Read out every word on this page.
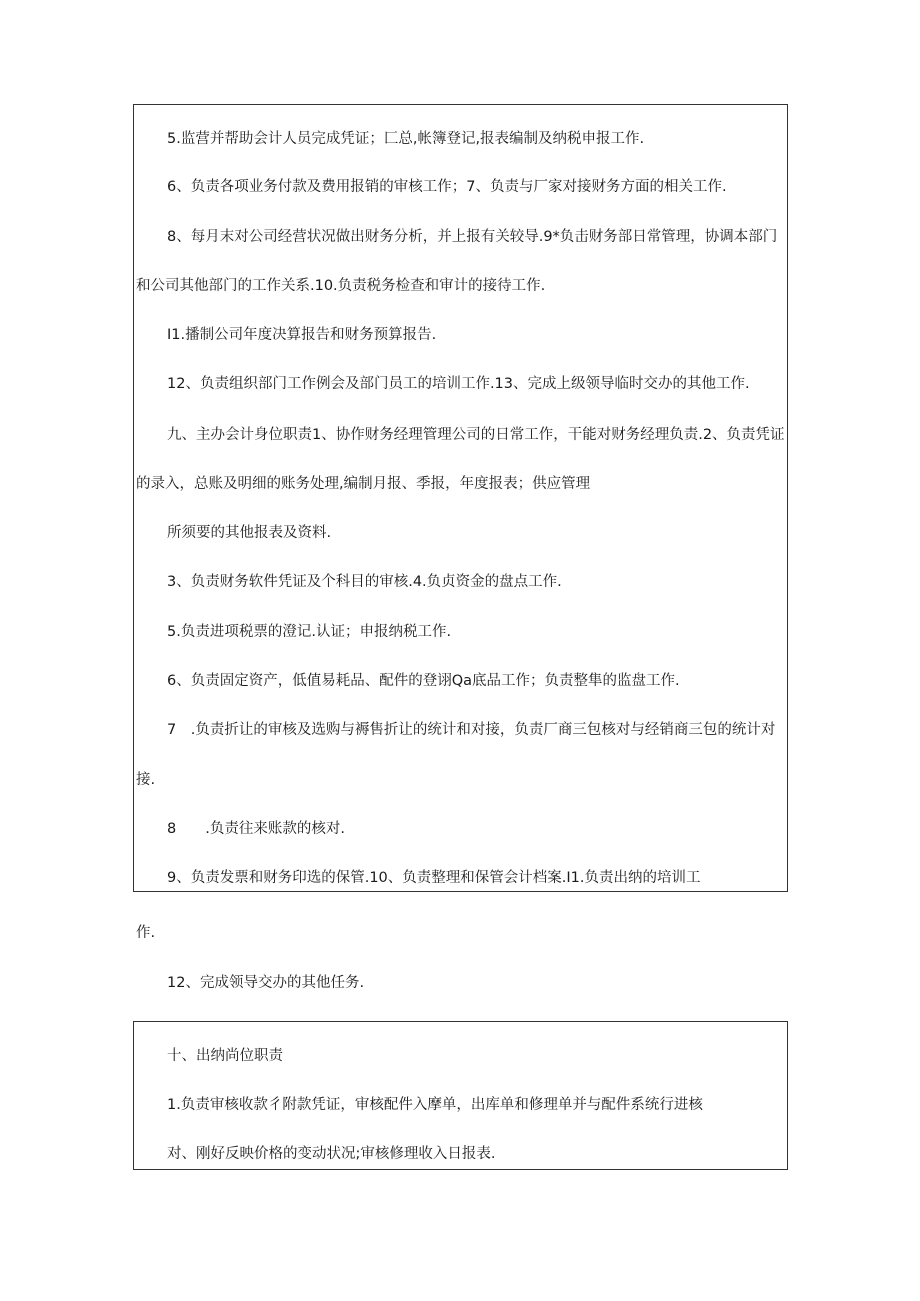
5.监营并帮助会计人员完成凭证；匚总,帐簿登记,报表编制及纳税申报工作.
6、负责各项业务付款及费用报销的审核工作；7、负责与厂家对接财务方面的相关工作.
8、每月末对公司经营状况做出财务分析，并上报有关较导.9*负击财务部日常管理，协调本部门
和公司其他部门的工作关系.10.负责税务检查和审计的接待工作.
I1.播制公司年度决算报告和财务预算报告.
12、负责组织部门工作例会及部门员工的培训工作.13、完成上级领导临时交办的其他工作.
九、主办会计身位职责1、协作财务经理管理公司的日常工作，干能对财务经理负责.2、负责凭证
的录入，总账及明细的账务处理,编制月报、季报，年度报表；供应管理
所须要的其他报表及资料.
3、负责财务软件凭证及个科目的审核.4.负贞资金的盘点工作.
5.负责进项税票的澄记.认证；申报纳税工作.
6、负责固定资产，低值易耗品、配件的登诩Qa底品工作；负责整隼的监盘工作.
7　.负责折让的审核及选购与褥售折让的统计和对接，负责厂商三包核对与经销商三包的统计对
接.
8　　.负责往来账款的核对.
9、负责发票和财务印选的保管.10、负责整理和保管会计档案.I1.负责出纳的培训工
作.
12、完成领导交办的其他任务.
十、出纳尚位职责
1.负责审核收款彳附款凭证，审核配件入摩单，出库单和修理单并与配件系统行进核
对、刚好反映价格的变动状况;审核修理收入日报表.
